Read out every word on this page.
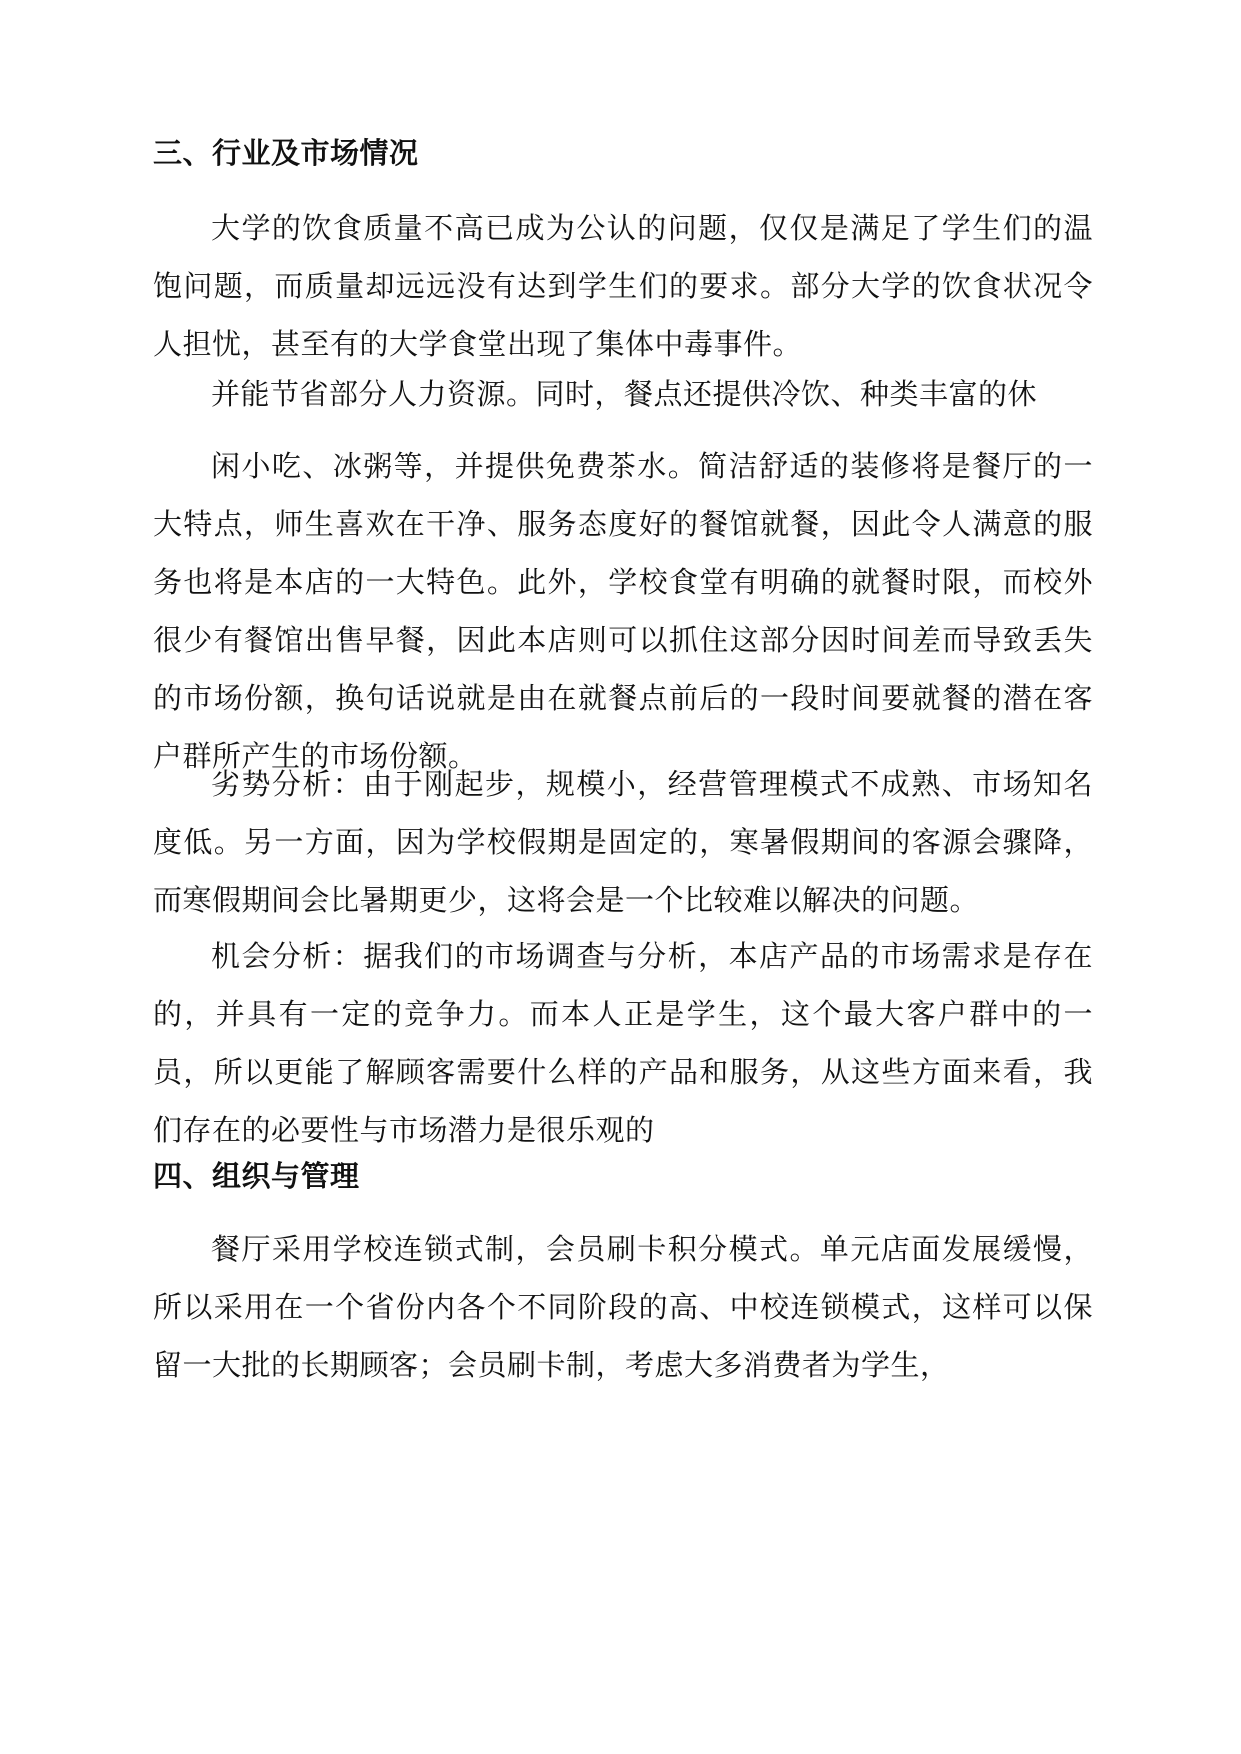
三、行业及市场情况
大学的饮食质量不高已成为公认的问题，仅仅是满足了学生们的温饱问题，而质量却远远没有达到学生们的要求。部分大学的饮食状况令人担忧，甚至有的大学食堂出现了集体中毒事件。
并能节省部分人力资源。同时，餐点还提供冷饮、种类丰富的休
闲小吃、冰粥等，并提供免费茶水。简洁舒适的装修将是餐厅的一大特点，师生喜欢在干净、服务态度好的餐馆就餐，因此令人满意的服务也将是本店的一大特色。此外，学校食堂有明确的就餐时限，而校外很少有餐馆出售早餐，因此本店则可以抓住这部分因时间差而导致丢失的市场份额，换句话说就是由在就餐点前后的一段时间要就餐的潜在客户群所产生的市场份额。
劣势分析：由于刚起步，规模小，经营管理模式不成熟、市场知名度低。另一方面，因为学校假期是固定的，寒暑假期间的客源会骤降，而寒假期间会比暑期更少，这将会是一个比较难以解决的问题。
机会分析：据我们的市场调查与分析，本店产品的市场需求是存在的，并具有一定的竞争力。而本人正是学生，这个最大客户群中的一员，所以更能了解顾客需要什么样的产品和服务，从这些方面来看，我们存在的必要性与市场潜力是很乐观的
四、组织与管理
餐厅采用学校连锁式制，会员刷卡积分模式。单元店面发展缓慢，所以采用在一个省份内各个不同阶段的高、中校连锁模式，这样可以保留一大批的长期顾客；会员刷卡制，考虑大多消费者为学生，
